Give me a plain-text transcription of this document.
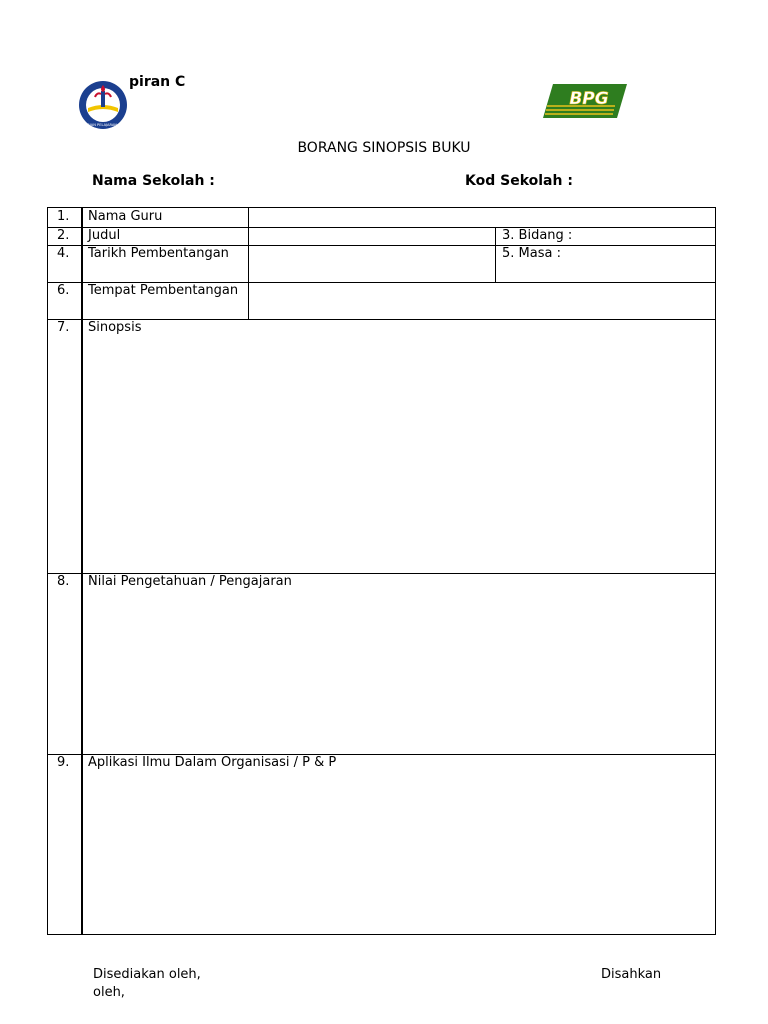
piran C
KEMENTERIAN PELAJARAN MALAYSIA
BPG
BORANG SINOPSIS BUKU
Nama Sekolah :	Kod Sekolah :
1. Nama Guru
2. Judul	3. Bidang :
4. Tarikh Pembentangan	5. Masa :
6. Tempat Pembentangan
7. Sinopsis
8. Nilai Pengetahuan / Pengajaran
9. Aplikasi Ilmu Dalam Organisasi / P & P
Disediakan oleh,
oleh,
Disahkan
